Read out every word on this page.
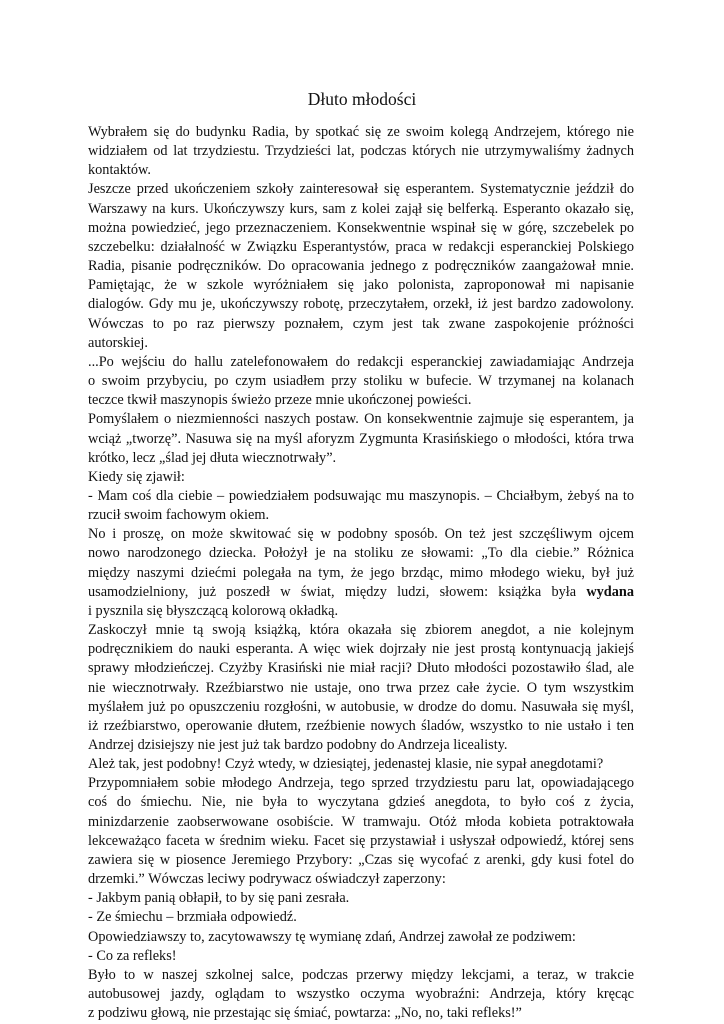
Dłuto młodości

Wybrałem się do budynku Radia, by spotkać się ze swoim kolegą Andrzejem, którego nie
widziałem od lat trzydziestu. Trzydzieści lat, podczas których nie utrzymywaliśmy żadnych
kontaktów.

Jeszcze przed ukończeniem szkoły zainteresował się esperantem. Systematycznie jeździł do
Warszawy na kurs. Ukończywszy kurs, sam z kolei zajął się belferką. Esperanto okazało się,
można powiedzieć, jego przeznaczeniem. Konsekwentnie wspinał się w górę, szczebelek po
szczebelku: działalność w Związku Esperantystów, praca w redakcji esperanckiej Polskiego
Radia, pisanie podręczników. Do opracowania jednego z podręczników zaangażował mnie.
Pamiętając, że w szkole wyróżniałem się jako polonista, zaproponował mi napisanie
dialogów. Gdy mu je, ukończywszy robotę, przeczytałem, orzekł, iż jest bardzo zadowolony.
Wówczas to po raz pierwszy poznałem, czym jest tak zwane zaspokojenie próżności
autorskiej.

...Po wejściu do hallu zatelefonowałem do redakcji esperanckiej zawiadamiając Andrzeja
o swoim przybyciu, po czym usiadłem przy stoliku w bufecie. W trzymanej na kolanach
teczce tkwił maszynopis świeżo przeze mnie ukończonej powieści.

Pomyślałem o niezmienności naszych postaw. On konsekwentnie zajmuje się esperantem, ja
wciąż „tworzę”. Nasuwa się na myśl aforyzm Zygmunta Krasińskiego o młodości, która trwa
krótko, lecz „ślad jej dłuta wiecznotrwały”.

Kiedy się zjawił:

- Mam coś dla ciebie – powiedziałem podsuwając mu maszynopis. – Chciałbym, żebyś na to
rzucił swoim fachowym okiem.

No i proszę, on może skwitować się w podobny sposób. On też jest szczęśliwym ojcem
nowo narodzonego dziecka. Położył je na stoliku ze słowami: „To dla ciebie.” Różnica
między naszymi dziećmi polegała na tym, że jego brzdąc, mimo młodego wieku, był już
usamodzielniony, już poszedł w świat, między ludzi, słowem: książka była wydana
i pysznila się błyszczącą kolorową okładką.

Zaskoczył mnie tą swoją książką, która okazała się zbiorem anegdot, a nie kolejnym
podręcznikiem do nauki esperanta. A więc wiek dojrzały nie jest prostą kontynuacją jakiejś
sprawy młodzieńczej. Czyżby Krasiński nie miał racji? Dłuto młodości pozostawiło ślad, ale
nie wiecznotrwały. Rzeźbiarstwo nie ustaje, ono trwa przez całe życie. O tym wszystkim
myślałem już po opuszczeniu rozgłośni, w autobusie, w drodze do domu. Nasuwała się myśl,
iż rzeźbiarstwo, operowanie dłutem, rzeźbienie nowych śladów, wszystko to nie ustało i ten
Andrzej dzisiejszy nie jest już tak bardzo podobny do Andrzeja licealisty.

Ależ tak, jest podobny! Czyż wtedy, w dziesiątej, jedenastej klasie, nie sypał anegdotami?

Przypomniałem sobie młodego Andrzeja, tego sprzed trzydziestu paru lat, opowiadającego
coś do śmiechu. Nie, nie była to wyczytana gdzieś anegdota, to było coś z życia,
minizdarzenie zaobserwowane osobiście. W tramwaju. Otóż młoda kobieta potraktowała
lekceważąco faceta w średnim wieku. Facet się przystawiał i usłyszał odpowiedź, której sens
zawiera się w piosence Jeremiego Przybory: „Czas się wycofać z arenki, gdy kusi fotel do
drzemki.” Wówczas leciwy podrywacz oświadczył zaperzony:

- Jakbym panią obłapił, to by się pani zesrała.

- Ze śmiechu – brzmiała odpowiedź.

Opowiedziawszy to, zacytowawszy tę wymianę zdań, Andrzej zawołał ze podziwem:

- Co za refleks!

Było to w naszej szkolnej salce, podczas przerwy między lekcjami, a teraz, w trakcie
autobusowej jazdy, oglądam to wszystko oczyma wyobraźni: Andrzeja, który kręcąc
z podziwu głową, nie przestając się śmiać, powtarza: „No, no, taki refleks!”
